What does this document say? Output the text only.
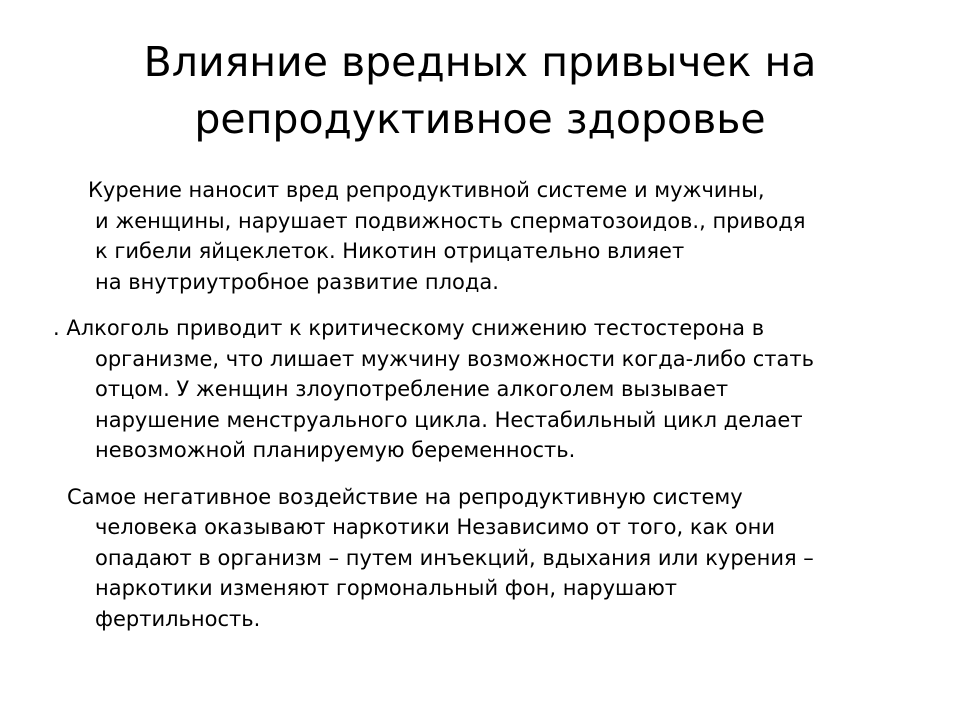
Влияние вредных привычек на
репродуктивное здоровье

Курение наносит вред репродуктивной системе и мужчины,
и женщины, нарушает подвижность сперматозоидов., приводя
к гибели яйцеклеток. Никотин отрицательно влияет
на внутриутробное развитие плода.

. Алкоголь приводит к критическому снижению тестостерона в
организме, что лишает мужчину возможности когда-либо стать
отцом. У женщин злоупотребление алкоголем вызывает
нарушение менструального цикла. Нестабильный цикл делает
невозможной планируемую беременность.

Самое негативное воздействие на репродуктивную систему
человека оказывают наркотики Независимо от того, как они
опадают в организм – путем инъекций, вдыхания или курения –
наркотики изменяют гормональный фон, нарушают
фертильность.
